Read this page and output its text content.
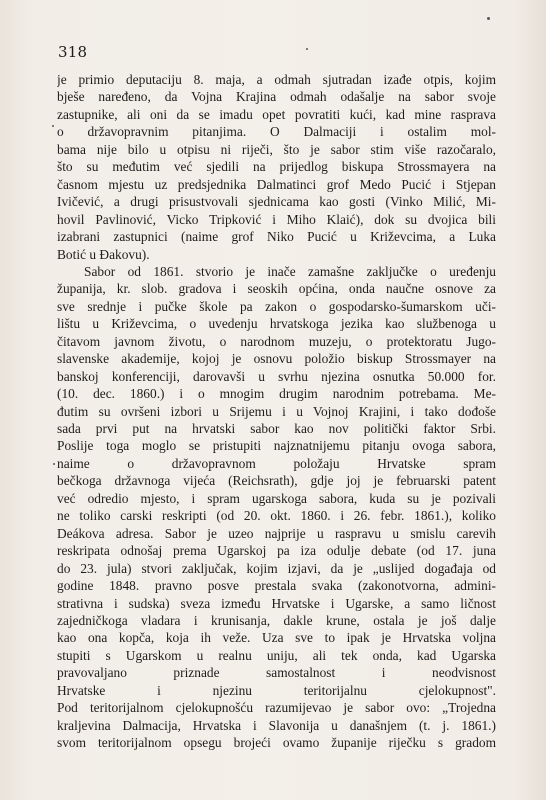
318
je primio deputaciju 8. maja, a odmah sjutradan izađe otpis, kojim
bješe naređeno, da Vojna Krajina odmah odašalje na sabor svoje
zastupnike, ali oni da se imadu opet povratiti kući, kad mine rasprava
o državopravnim pitanjima. O Dalmaciji i ostalim mol-
bama nije bilo u otpisu ni riječi, što je sabor stim više razočaralo,
što su međutim već sjedili na prijedlog biskupa Strossmayera na
časnom mjestu uz predsjednika Dalmatinci grof Medo Pucić i Stjepan
Ivičević, a drugi prisustvovali sjednicama kao gosti (Vinko Milić, Mi-
hovil Pavlinović, Vicko Tripković i Miho Klaić), dok su dvojica bili
izabrani zastupnici (naime grof Niko Pucić u Križevcima, a Luka
Botić u Đakovu).
Sabor od 1861. stvorio je inače zamašne zaključke o uređenju
županija, kr. slob. gradova i seoskih općina, onda naučne osnove za
sve srednje i pučke škole pa zakon o gospodarsko-šumarskom uči-
lištu u Križevcima, o uvedenju hrvatskoga jezika kao službenoga u
čitavom javnom životu, o narodnom muzeju, o protektoratu Jugo-
slavenske akademije, kojoj je osnovu položio biskup Strossmayer na
banskoj konferenciji, darovavši u svrhu njezina osnutka 50.000 for.
(10. dec. 1860.) i o mnogim drugim narodnim potrebama. Me-
đutim su ovršeni izbori u Srijemu i u Vojnoj Krajini, i tako dođoše
sada prvi put na hrvatski sabor kao nov politički faktor Srbi.
Poslije toga moglo se pristupiti najznatnijemu pitanju ovoga sabora,
naime o državopravnom položaju Hrvatske spram
bečkoga državnoga vijeća (Reichsrath), gdje joj je februarski patent
već odredio mjesto, i spram ugarskoga sabora, kuda su je pozivali
ne toliko carski reskripti (od 20. okt. 1860. i 26. febr. 1861.), koliko
Deákova adresa. Sabor je uzeo najprije u raspravu u smislu carevih
reskripata odnošaj prema Ugarskoj pa iza odulje debate (od 17. juna
do 23. jula) stvori zaključak, kojim izjavi, da je „uslijed događaja od
godine 1848. pravno posve prestala svaka (zakonotvorna, admini-
strativna i sudska) sveza između Hrvatske i Ugarske, a samo ličnost
zajedničkoga vladara i krunisanja, dakle krune, ostala je još dalje
kao ona kopča, koja ih veže. Uza sve to ipak je Hrvatska voljna
stupiti s Ugarskom u realnu uniju, ali tek onda, kad Ugarska
pravovaljano priznade samostalnost i neodvisnost
Hrvatske i njezinu teritorijalnu cjelokupnost".
Pod teritorijalnom cjelokupnošću razumijevao je sabor ovo: „Trojedna
kraljevina Dalmacija, Hrvatska i Slavonija u današnjem (t. j. 1861.)
svom teritorijalnom opsegu brojeći ovamo županije riječku s gradom
